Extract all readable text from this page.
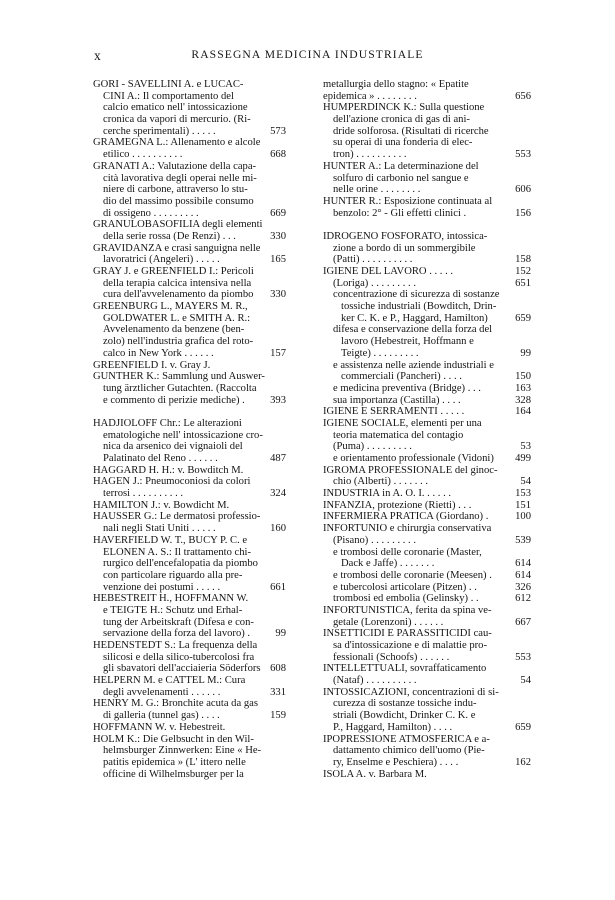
x	RASSEGNA MEDICINA INDUSTRIALE
GORI - SAVELLINI A. e LUCAC-
CINI A.: Il comportamento del
calcio ematico nell' intossicazione
cronica da vapori di mercurio. (Ri-
cerche sperimentali) . . . . .	573
GRAMEGNA L.: Allenamento e alcole
etilico . . . . . . . . . .	668
GRANATI A.: Valutazione della capa-
cità lavorativa degli operai nelle mi-
niere di carbone, attraverso lo stu-
dio del massimo possibile consumo
di ossigeno . . . . . . . . .	669
GRANULOBASOFILIA degli elementi
della serie rossa (De Renzi) . . .	330
GRAVIDANZA e crasi sanguigna nelle
lavoratrici (Angeleri) . . . . .	165
GRAY J. e GREENFIELD I.: Pericoli
della terapia calcica intensiva nella
cura dell'avvelenamento da piombo	330
GREENBURG L., MAYERS M. R.,
GOLDWATER L. e SMITH A. R.:
Avvelenamento da benzene (ben-
zolo) nell'industria grafica del roto-
calco in New York . . . . . .	157
GREENFIELD I. v. Gray J.
GUNTHER K.: Sammlung und Auswer-
tung ärztlicher Gutachten. (Raccolta
e commento di perizie mediche) .	393
HADJIOLOFF Chr.: Le alterazioni
ematologiche nell' intossicazione cro-
nica da arsenico dei vignaioli del
Palatinato del Reno . . . . . .	487
HAGGARD H. H.: v. Bowditch M.
HAGEN J.: Pneumoconiosi da colori
terrosi . . . . . . . . . .	324
HAMILTON J.: v. Bowdicht M.
HAUSSER G.: Le dermatosi professio-
nali negli Stati Uniti . . . . .	160
HAVERFIELD W. T., BUCY P. C. e
ELONEN A. S.: Il trattamento chi-
rurgico dell'encefalopatia da piombo
con particolare riguardo alla pre-
venzione dei postumi . . . . .	661
HEBESTREIT H., HOFFMANN W.
e TEIGTE H.: Schutz und Erhal-
tung der Arbeitskraft (Difesa e con-
servazione della forza del lavoro) .	99
HEDENSTEDT S.: La frequenza della
silicosi e della silico-tubercolosi fra
gli sbavatori dell'acciaieria Söderfors 608
HELPERN M. e CATTEL M.: Cura
degli avvelenamenti . . . . . .	331
HENRY M. G.: Bronchite acuta da gas
di galleria (tunnel gas) . . . .	159
HOFFMANN W. v. Hebestreit.
HOLM K.: Die Gelbsucht in den Wil-
helmsburger Zinnwerken: Eine « He-
patitis epidemica » (L' ittero nelle
officine di Wilhelmsburger per la
metallurgia dello stagno: « Epatite
epidemica » . . . . . . . .	656
HUMPERDINCK K.: Sulla questione
dell'azione cronica di gas di ani-
dride solforosa. (Risultati di ricerche
su operai di una fonderia di elec-
tron) . . . . . . . . . .	553
HUNTER A.: La determinazione del
solfuro di carbonio nel sangue e
nelle orine . . . . . . . .	606
HUNTER R.: Esposizione continuata al
benzolo: 2° - Gli effetti clinici .	156
IDROGENO FOSFORATO, intossica-
zione a bordo di un sommergibile
(Patti) . . . . . . . . . .	158
IGIENE DEL LAVORO . . . . .	152
(Loriga) . . . . . . . . .	651
concentrazione di sicurezza di sostanze
tossiche industriali (Bowditch, Drin-
ker C. K. e P., Haggard, Hamilton)	659
difesa e conservazione della forza del
lavoro (Hebestreit, Hoffmann e
Teigte) . . . . . . . . .	99
e assistenza nelle aziende industriali e
commerciali (Pancheri) . . . .	150
e medicina preventiva (Bridge) . . .	163
sua importanza (Castilla) . . . .	328
IGIENE E SERRAMENTI . . . . .	164
IGIENE SOCIALE, elementi per una
teoria matematica del contagio
(Puma) . . . . . . . . .	53
e orientamento professionale (Vidoni)	499
IGROMA PROFESSIONALE del ginoc-
chio (Alberti) . . . . . . .	54
INDUSTRIA in A. O. I. . . . . .	153
INFANZIA, protezione (Rietti) . . .	151
INFERMIERA PRATICA (Giordano) .	100
INFORTUNIO e chirurgia conservativa
(Pisano) . . . . . . . . .	539
e trombosi delle coronarie (Master,
Dack e Jaffe) . . . . . . .	614
e trombosi delle coronarie (Meesen) .	614
e tubercolosi articolare (Pitzen) . .	326
trombosi ed embolia (Gelinsky) . .	612
INFORTUNISTICA, ferita da spina ve-
getale (Lorenzoni) . . . . . .	667
INSETTICIDI E PARASSITICIDI cau-
sa d'intossicazione e di malattie pro-
fessionali (Schoofs) . . . . . .	553
INTELLETTUALI, sovraffaticamento
(Nataf) . . . . . . . . . .	54
INTOSSICAZIONI, concentrazioni di si-
curezza di sostanze tossiche indu-
striali (Bowdicht, Drinker C. K. e
P., Haggard, Hamilton) . . . .	659
IPOPRESSIONE ATMOSFERICA e a-
dattamento chimico dell'uomo (Pie-
ry, Enselme e Peschiera) . . . .	162
ISOLA A. v. Barbara M.
